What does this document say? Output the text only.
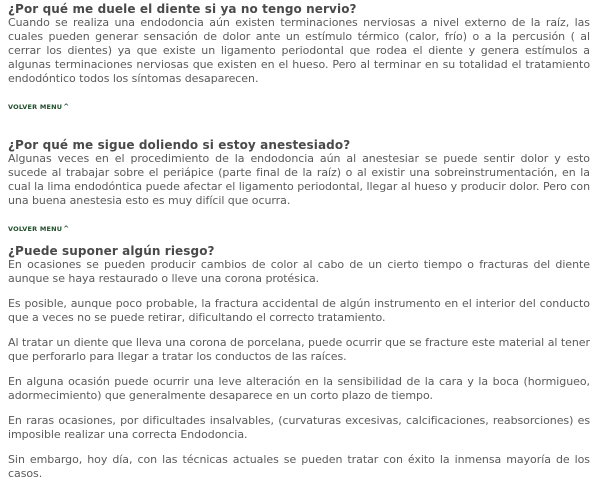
¿Por qué me duele el diente si ya no tengo nervio?

Cuando se realiza una endodoncia aún existen terminaciones nerviosas a nivel externo de la raíz, las cuales pueden generar sensación de dolor ante un estímulo térmico (calor, frío) o a la percusión ( al cerrar los dientes) ya que existe un ligamento periodontal que rodea el diente y genera estímulos a algunas terminaciones nerviosas que existen en el hueso. Pero al terminar en su totalidad el tratamiento endodóntico todos los síntomas desaparecen.

VOLVER MENU^
¿Por qué me sigue doliendo si estoy anestesiado?

Algunas veces en el procedimiento de la endodoncia aún al anestesiar se puede sentir dolor y esto sucede al trabajar sobre el periápice (parte final de la raíz) o al existir una sobreinstrumentación, en la cual la lima endodóntica puede afectar el ligamento periodontal, llegar al hueso y producir dolor. Pero con una buena anestesia esto es muy difícil que ocurra.

VOLVER MENU^
¿Puede suponer algún riesgo?

En ocasiones se pueden producir cambios de color al cabo de un cierto tiempo o fracturas del diente aunque se haya restaurado o lleve una corona protésica.

Es posible, aunque poco probable, la fractura accidental de algún instrumento en el interior del conducto que a veces no se puede retirar, dificultando el correcto tratamiento.

Al tratar un diente que lleva una corona de porcelana, puede ocurrir que se fracture este material al tener que perforarlo para llegar a tratar los conductos de las raíces.

En alguna ocasión puede ocurrir una leve alteración en la sensibilidad de la cara y la boca (hormigueo, adormecimiento) que generalmente desaparece en un corto plazo de tiempo.

En raras ocasiones, por dificultades insalvables, (curvaturas excesivas, calcificaciones, reabsorciones) es imposible realizar una correcta Endodoncia.

Sin embargo, hoy día, con las técnicas actuales se pueden tratar con éxito la inmensa mayoría de los casos.
